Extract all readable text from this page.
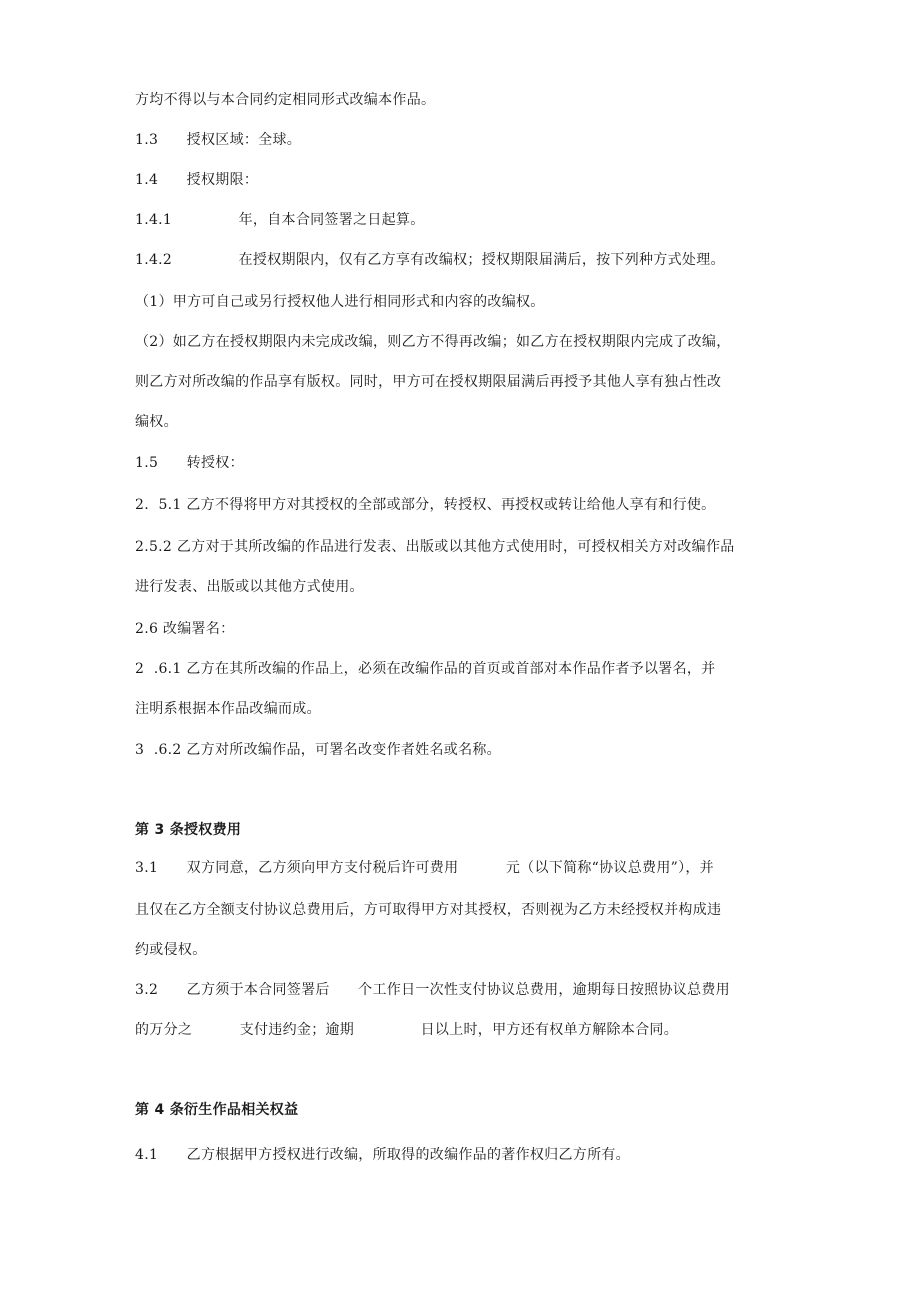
方均不得以与本合同约定相同形式改编本作品。
1.3      授权区域：全球。
1.4      授权期限：
1.4.1              年，自本合同签署之日起算。
1.4.2              在授权期限内，仅有乙方享有改编权；授权期限届满后，按下列种方式处理。
（1）甲方可自己或另行授权他人进行相同形式和内容的改编权。
（2）如乙方在授权期限内未完成改编，则乙方不得再改编；如乙方在授权期限内完成了改编，
则乙方对所改编的作品享有版权。同时，甲方可在授权期限届满后再授予其他人享有独占性改
编权。
1.5      转授权：
2.  5.1 乙方不得将甲方对其授权的全部或部分，转授权、再授权或转让给他人享有和行使。
2.5.2 乙方对于其所改编的作品进行发表、出版或以其他方式使用时，可授权相关方对改编作品
进行发表、出版或以其他方式使用。
2.6 改编署名：
2  .6.1 乙方在其所改编的作品上，必须在改编作品的首页或首部对本作品作者予以署名，并
注明系根据本作品改编而成。
3  .6.2 乙方对所改编作品，可署名改变作者姓名或名称。
第 3 条授权费用
3.1      双方同意，乙方须向甲方支付税后许可费用          元（以下简称“协议总费用”），并
且仅在乙方全额支付协议总费用后，方可取得甲方对其授权，否则视为乙方未经授权并构成违
约或侵权。
3.2      乙方须于本合同签署后      个工作日一次性支付协议总费用，逾期每日按照协议总费用
的万分之          支付违约金；逾期              日以上时，甲方还有权单方解除本合同。
第 4 条衍生作品相关权益
4.1      乙方根据甲方授权进行改编，所取得的改编作品的著作权归乙方所有。
